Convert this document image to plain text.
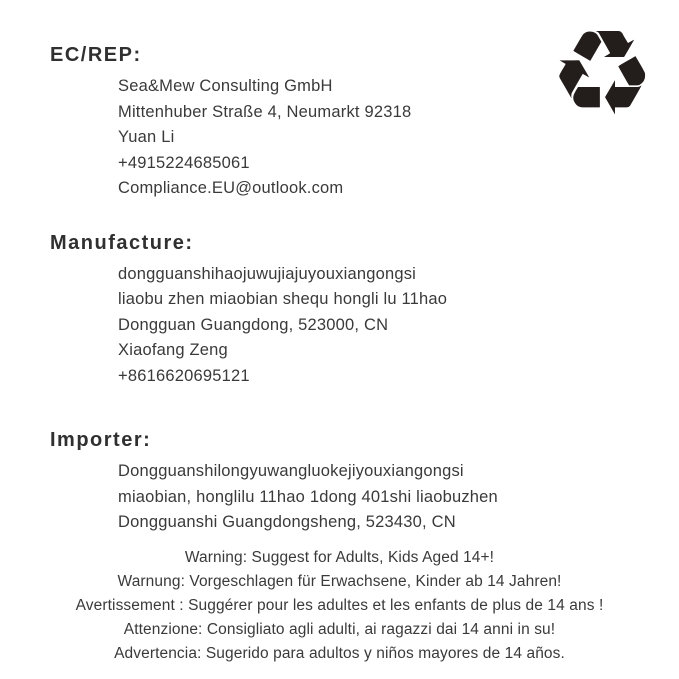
♻
EC/REP:
Sea&Mew Consulting GmbH
Mittenhuber Straße 4, Neumarkt 92318
Yuan Li
+4915224685061
Compliance.EU@outlook.com
Manufacture:
dongguanshihaojuwujiajuyouxiangongsi
liaobu zhen miaobian shequ hongli lu 11hao
Dongguan Guangdong, 523000, CN
Xiaofang Zeng
+8616620695121
Importer:
Dongguanshilongyuwangluokejiyouxiangongsi
miaobian, honglilu 11hao 1dong 401shi liaobuzhen
Dongguanshi Guangdongsheng, 523430, CN
Warning: Suggest for Adults, Kids Aged 14+!
Warnung: Vorgeschlagen für Erwachsene, Kinder ab 14 Jahren!
Avertissement : Suggérer pour les adultes et les enfants de plus de 14 ans !
Attenzione: Consigliato agli adulti, ai ragazzi dai 14 anni in su!
Advertencia: Sugerido para adultos y niños mayores de 14 años.
